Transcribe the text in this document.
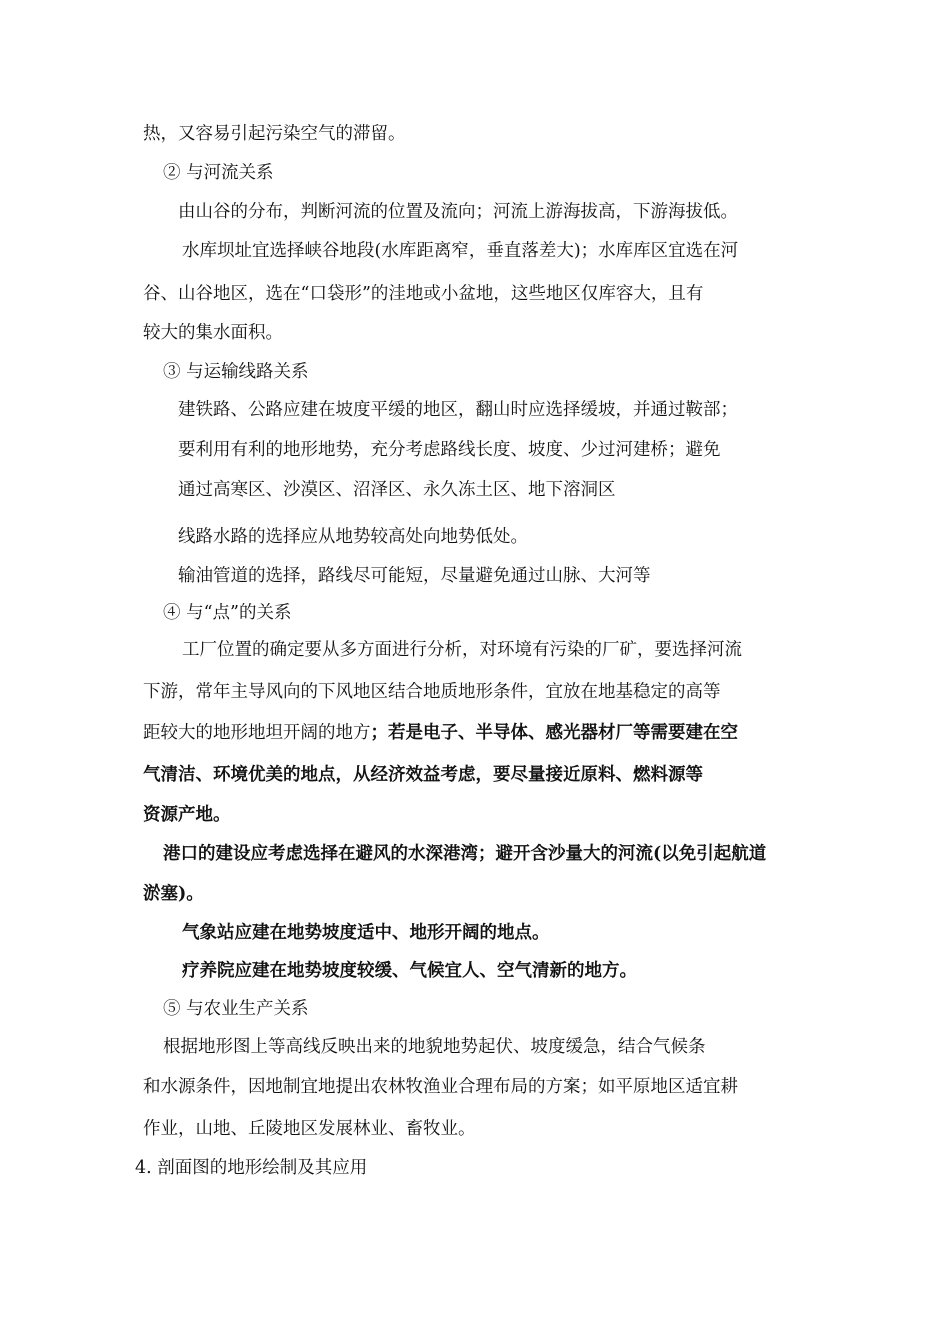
热，又容易引起污染空气的滞留。
② 与河流关系
由山谷的分布，判断河流的位置及流向；河流上游海拔高，下游海拔低。
水库坝址宜选择峡谷地段(水库距离窄，垂直落差大)；水库库区宜选在河
谷、山谷地区，选在“口袋形”的洼地或小盆地，这些地区仅库容大，且有
较大的集水面积。
③ 与运输线路关系
建铁路、公路应建在坡度平缓的地区，翻山时应选择缓坡，并通过鞍部；
要利用有利的地形地势，充分考虑路线长度、坡度、少过河建桥；避免
通过高寒区、沙漠区、沼泽区、永久冻土区、地下溶洞区
线路水路的选择应从地势较高处向地势低处。
输油管道的选择，路线尽可能短，尽量避免通过山脉、大河等
④ 与“点”的关系
工厂位置的确定要从多方面进行分析，对环境有污染的厂矿，要选择河流
下游，常年主导风向的下风地区结合地质地形条件，宜放在地基稳定的高等
距较大的地形地坦开阔的地方；若是电子、半导体、感光器材厂等需要建在空
气清洁、环境优美的地点，从经济效益考虑，要尽量接近原料、燃料源等
资源产地。
港口的建设应考虑选择在避风的水深港湾；避开含沙量大的河流(以免引起航道
淤塞)。
气象站应建在地势坡度适中、地形开阔的地点。
疗养院应建在地势坡度较缓、气候宜人、空气清新的地方。
⑤ 与农业生产关系
根据地形图上等高线反映出来的地貌地势起伏、坡度缓急，结合气候条
和水源条件，因地制宜地提出农林牧渔业合理布局的方案；如平原地区适宜耕
作业，山地、丘陵地区发展林业、畜牧业。
4. 剖面图的地形绘制及其应用
